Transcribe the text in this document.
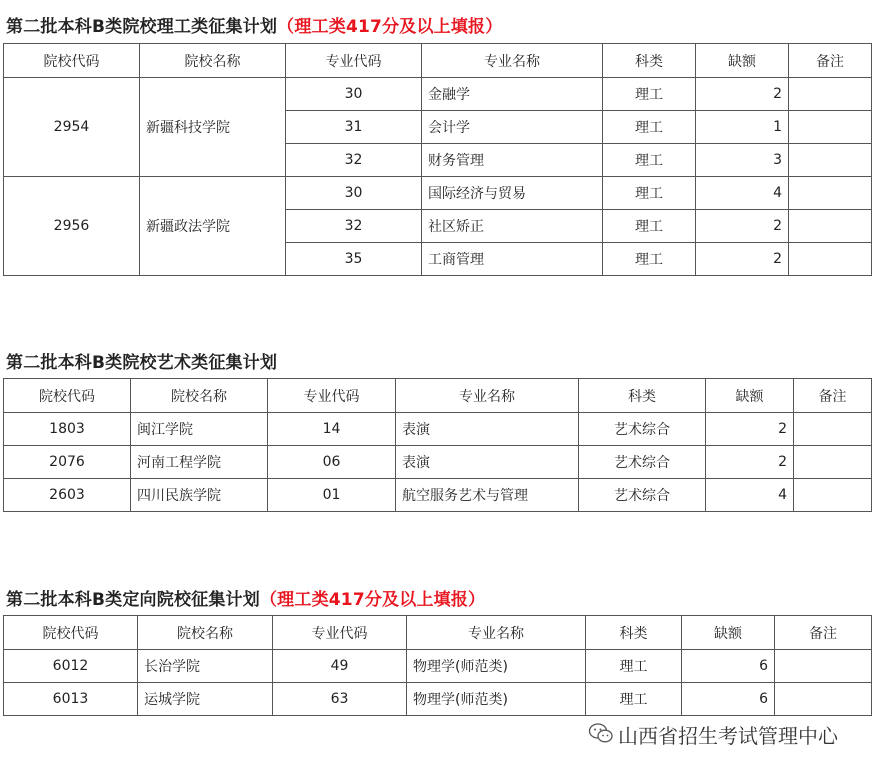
第二批本科B类院校理工类征集计划（理工类417分及以上填报）
院校代码	院校名称	专业代码	专业名称	科类	缺额	备注
2954	新疆科技学院	30	金融学	理工	2	
		31	会计学	理工	1	
		32	财务管理	理工	3	
2956	新疆政法学院	30	国际经济与贸易	理工	4	
		32	社区矫正	理工	2	
		35	工商管理	理工	2	
第二批本科B类院校艺术类征集计划
院校代码	院校名称	专业代码	专业名称	科类	缺额	备注
1803	闽江学院	14	表演	艺术综合	2	
2076	河南工程学院	06	表演	艺术综合	2	
2603	四川民族学院	01	航空服务艺术与管理	艺术综合	4	
第二批本科B类定向院校征集计划（理工类417分及以上填报）
院校代码	院校名称	专业代码	专业名称	科类	缺额	备注
6012	长治学院	49	物理学(师范类)	理工	6	
6013	运城学院	63	物理学(师范类)	理工	6	
山西省招生考试管理中心
